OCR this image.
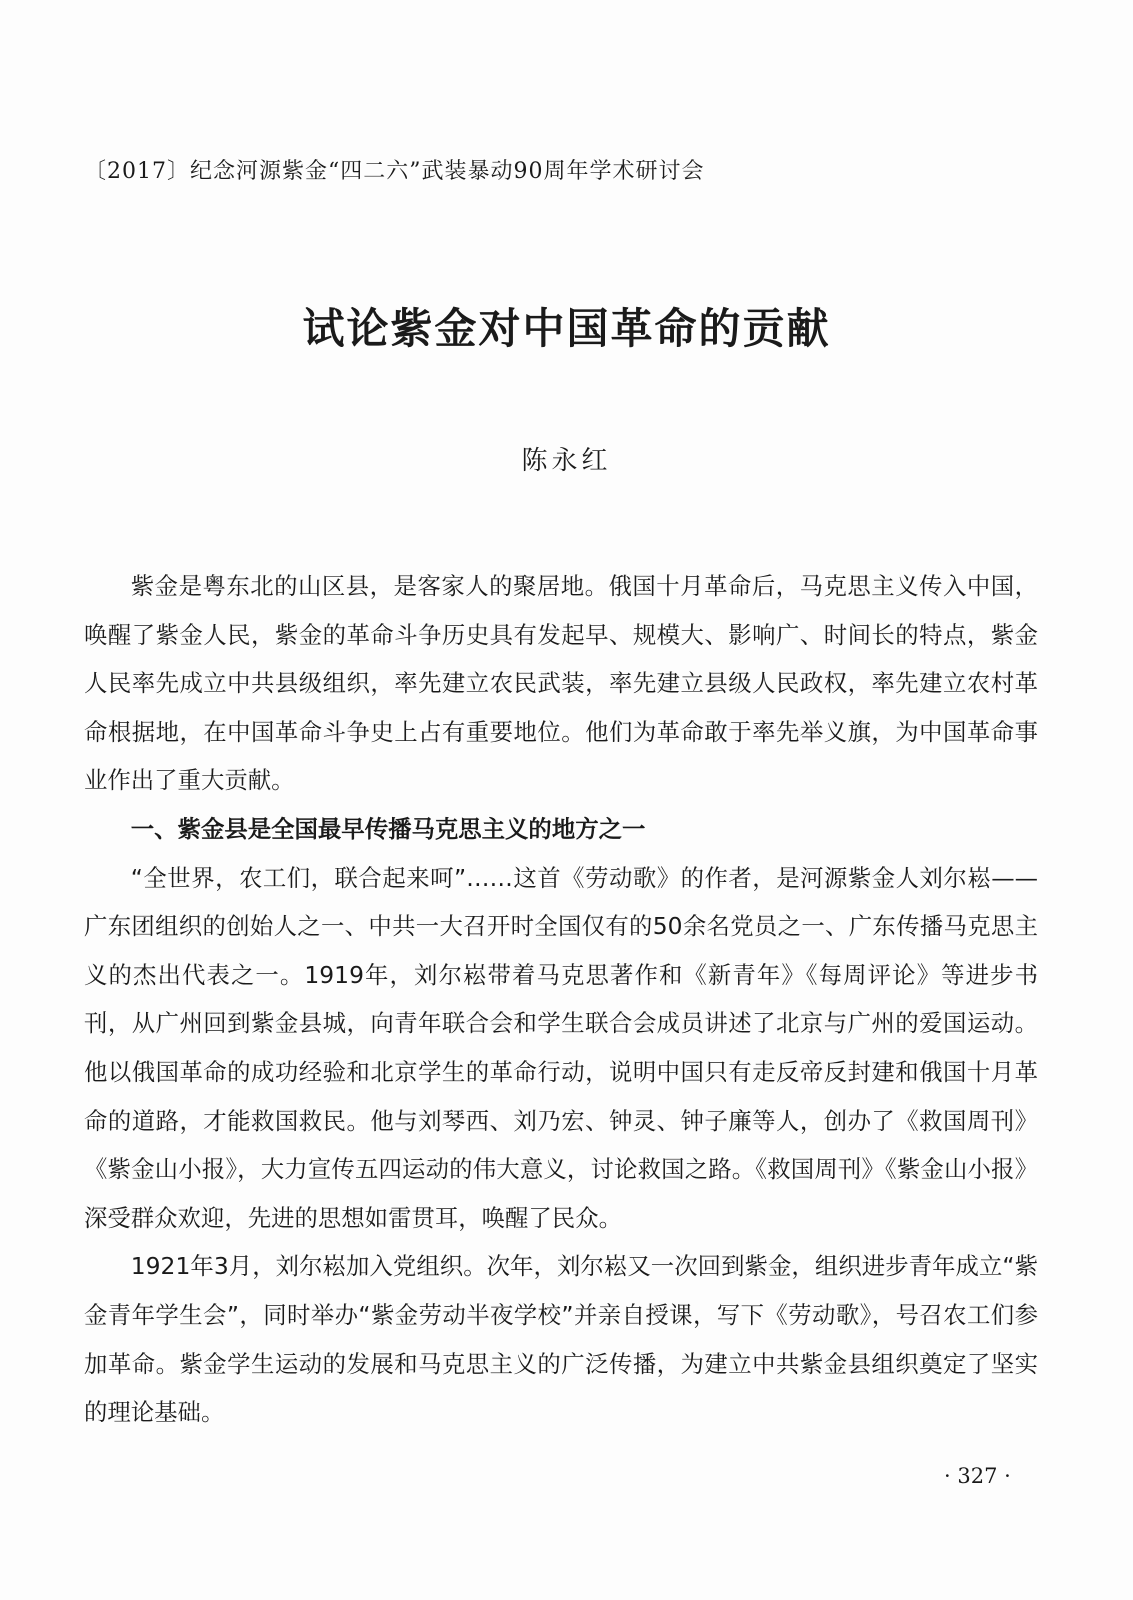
〔2017〕纪念河源紫金“四二六”武装暴动90周年学术研讨会
试论紫金对中国革命的贡献
陈永红

紫金是粤东北的山区县，是客家人的聚居地。俄国十月革命后，马克思主义传入中国，唤醒了紫金人民，紫金的革命斗争历史具有发起早、规模大、影响广、时间长的特点，紫金人民率先成立中共县级组织，率先建立农民武装，率先建立县级人民政权，率先建立农村革命根据地，在中国革命斗争史上占有重要地位。他们为革命敢于率先举义旗，为中国革命事业作出了重大贡献。

一、紫金县是全国最早传播马克思主义的地方之一

“全世界，农工们，联合起来呵”……这首《劳动歌》的作者，是河源紫金人刘尔崧——广东团组织的创始人之一、中共一大召开时全国仅有的50余名党员之一、广东传播马克思主义的杰出代表之一。1919年，刘尔崧带着马克思著作和《新青年》《每周评论》等进步书刊，从广州回到紫金县城，向青年联合会和学生联合会成员讲述了北京与广州的爱国运动。他以俄国革命的成功经验和北京学生的革命行动，说明中国只有走反帝反封建和俄国十月革命的道路，才能救国救民。他与刘琴西、刘乃宏、钟灵、钟子廉等人，创办了《救国周刊》《紫金山小报》，大力宣传五四运动的伟大意义，讨论救国之路。《救国周刊》《紫金山小报》深受群众欢迎，先进的思想如雷贯耳，唤醒了民众。

1921年3月，刘尔崧加入党组织。次年，刘尔崧又一次回到紫金，组织进步青年成立“紫金青年学生会”，同时举办“紫金劳动半夜学校”并亲自授课，写下《劳动歌》，号召农工们参加革命。紫金学生运动的发展和马克思主义的广泛传播，为建立中共紫金县组织奠定了坚实的理论基础。

· 327 ·
